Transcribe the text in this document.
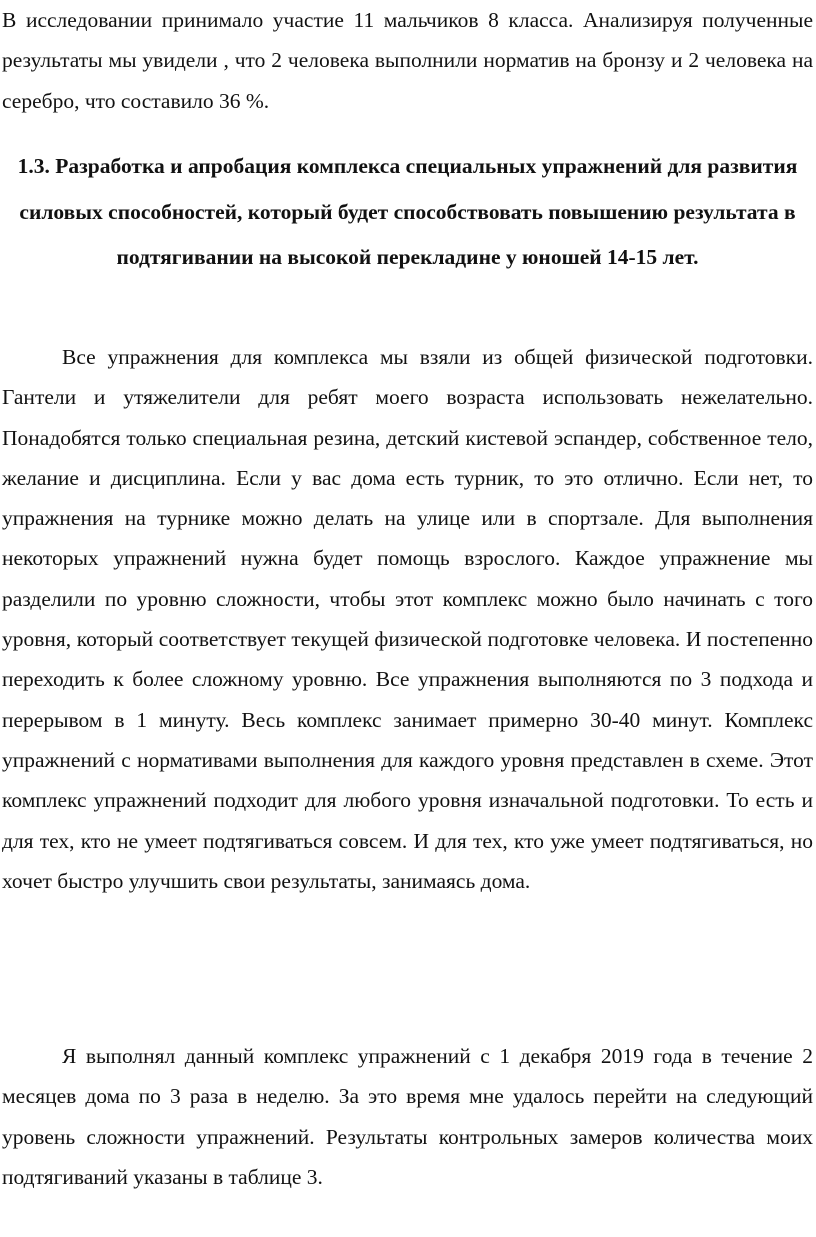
В исследовании принимало участие 11 мальчиков 8 класса. Анализируя полученные результаты мы увидели , что 2 человека выполнили норматив на бронзу и 2 человека на серебро, что составило 36 %.

1.3. Разработка и апробация комплекса специальных упражнений для развития силовых способностей, который будет способствовать повышению результата в подтягивании на высокой перекладине у юношей 14-15 лет.

Все упражнения для комплекса мы взяли из общей физической подготовки. Гантели и утяжелители для ребят моего возраста использовать нежелательно. Понадобятся только специальная резина, детский кистевой эспандер, собственное тело, желание и дисциплина. Если у вас дома есть турник, то это отлично. Если нет, то упражнения на турнике можно делать на улице или в спортзале. Для выполнения некоторых упражнений нужна будет помощь взрослого. Каждое упражнение мы разделили по уровню сложности, чтобы этот комплекс можно было начинать с того уровня, который соответствует текущей физической подготовке человека. И постепенно переходить к более сложному уровню. Все упражнения выполняются по 3 подхода и перерывом в 1 минуту. Весь комплекс занимает примерно 30-40 минут. Комплекс упражнений с нормативами выполнения для каждого уровня представлен в схеме. Этот комплекс упражнений подходит для любого уровня изначальной подготовки. То есть и для тех, кто не умеет подтягиваться совсем. И для тех, кто уже умеет подтягиваться, но хочет быстро улучшить свои результаты, занимаясь дома.

Я выполнял данный комплекс упражнений с 1 декабря 2019 года в течение 2 месяцев дома по 3 раза в неделю. За это время мне удалось перейти на следующий уровень сложности упражнений. Результаты контрольных замеров количества моих подтягиваний указаны в таблице 3.
